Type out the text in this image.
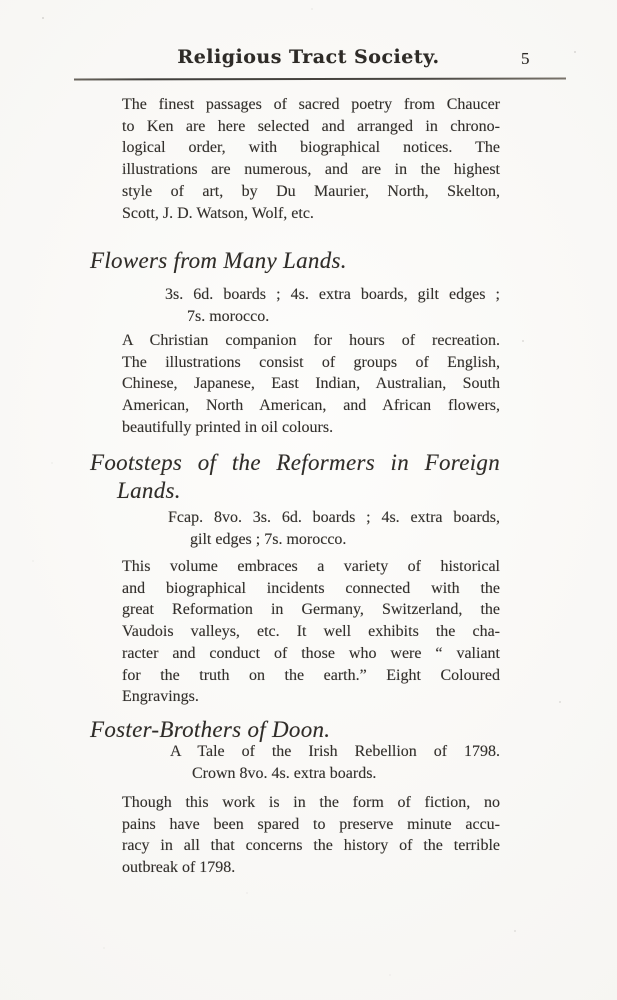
Religious Tract Society.	5
The finest passages of sacred poetry from Chaucer
to Ken are here selected and arranged in chrono-
logical order, with biographical notices. The
illustrations are numerous, and are in the highest
style of art, by Du Maurier, North, Skelton,
Scott, J. D. Watson, Wolf, etc.
Flowers from Many Lands.
3s. 6d. boards ; 4s. extra boards, gilt edges ;
7s. morocco.
A Christian companion for hours of recreation.
The illustrations consist of groups of English,
Chinese, Japanese, East Indian, Australian, South
American, North American, and African flowers,
beautifully printed in oil colours.
Footsteps of the Reformers in Foreign
Lands.
Fcap. 8vo. 3s. 6d. boards ; 4s. extra boards,
gilt edges ; 7s. morocco.
This volume embraces a variety of historical
and biographical incidents connected with the
great Reformation in Germany, Switzerland, the
Vaudois valleys, etc. It well exhibits the cha-
racter and conduct of those who were “ valiant
for the truth on the earth.” Eight Coloured
Engravings.
Foster-Brothers of Doon.
A Tale of the Irish Rebellion of 1798.
Crown 8vo. 4s. extra boards.
Though this work is in the form of fiction, no
pains have been spared to preserve minute accu-
racy in all that concerns the history of the terrible
outbreak of 1798.
